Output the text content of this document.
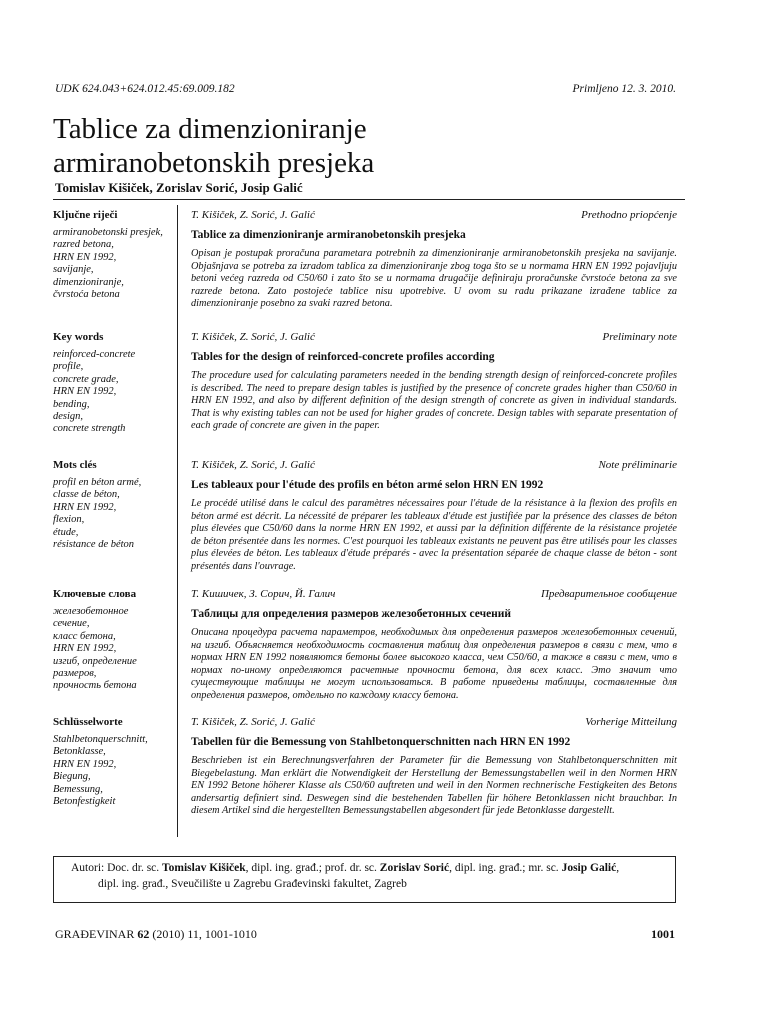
UDK 624.043+624.012.45:69.009.182	Primljeno 12. 3. 2010.
Tablice za dimenzioniranje
armiranobetonskih presjeka
Tomislav Kišiček, Zorislav Sorić, Josip Galić
Ključne riječi
armiranobetonski presjek,
razred betona,
HRN EN 1992,
savijanje,
dimenzioniranje,
čvrstoća betona
T. Kišiček, Z. Sorić, J. Galić	Prethodno priopćenje
Tablice za dimenzioniranje armiranobetonskih presjeka

Opisan je postupak proračuna parametara potrebnih za dimenzioniranje armiranobetonskih presjeka na savijanje. Objašnjava se potreba za izradom tablica za dimenzioniranje zbog toga što se u normama HRN EN 1992 pojavljuju betoni većeg razreda od C50/60 i zato što se u normama drugačije definiraju proračunske čvrstoće betona za sve razrede betona. Zato postojeće tablice nisu upotrebive. U ovom su radu prikazane izrađene tablice za dimenzioniranje posebno za svaki razred betona.

Key words
reinforced-concrete
profile,
concrete grade,
HRN EN 1992,
bending,
design,
concrete strength
T. Kišiček, Z. Sorić, J. Galić	Preliminary note
Tables for the design of reinforced-concrete profiles according

The procedure used for calculating parameters needed in the bending strength design of reinforced-concrete profiles is described. The need to prepare design tables is justified by the presence of concrete grades higher than C50/60 in HRN EN 1992, and also by different definition of the design strength of concrete as given in individual standards. That is why existing tables can not be used for higher grades of concrete. Design tables with separate presentation of each grade of concrete are given in the paper.

Mots clés
profil en béton armé,
classe de béton,
HRN EN 1992,
flexion,
étude,
résistance de béton
T. Kišiček, Z. Sorić, J. Galić	Note préliminarie
Les tableaux pour l'étude des profils en béton armé selon HRN EN 1992

Le procédé utilisé dans le calcul des paramètres nécessaires pour l'étude de la résistance à la flexion des profils en béton armé est décrit. La nécessité de préparer les tableaux d'étude est justifiée par la présence des classes de béton plus élevées que C50/60 dans la norme HRN EN 1992, et aussi par la définition différente de la résistance projetée de béton présentée dans les normes. C'est pourquoi les tableaux existants ne peuvent pas être utilisés pour les classes plus élevées de béton. Les tableaux d'étude préparés - avec la présentation séparée de chaque classe de béton - sont présentés dans l'ouvrage.

Ключевые слова
железобетонное
сечение,
класс бетона,
HRN EN 1992,
изгиб, определение
размеров,
прочность бетона
Т. Кишичек, З. Сорич, Й. Галич	Предварительное сообщение
Таблицы для определения размеров железобетонных сечений

Описана процедура расчета параметров, необходимых для определения размеров железобетонных сечений, на изгиб. Объясняется необходимость составления таблиц для определения размеров в связи с тем, что в нормах HRN EN 1992 появляются бетоны более высокого класса, чем C50/60, а также в связи с тем, что в нормах по-иному определяются расчетные прочности бетона, для всех класс. Это значит что существующие таблицы не могут использоваться. В работе приведены таблицы, составленные для определения размеров, отдельно по каждому классу бетона.

Schlüsselworte
Stahlbetonquerschnitt,
Betonklasse,
HRN EN 1992,
Biegung,
Bemessung,
Betonfestigkeit
T. Kišiček, Z. Sorić, J. Galić	Vorherige Mitteilung
Tabellen für die Bemessung von Stahlbetonquerschnitten nach HRN EN 1992

Beschrieben ist ein Berechnungsverfahren der Parameter für die Bemessung von Stahlbetonquerschnitten mit Biegebelastung. Man erklärt die Notwendigkeit der Herstellung der Bemessungstabellen weil in den Normen HRN EN 1992 Betone höherer Klasse als C50/60 auftreten und weil in den Normen rechnerische Festigkeiten des Betons andersartig definiert sind. Deswegen sind die bestehenden Tabellen für höhere Betonklassen nicht brauchbar. In diesem Artikel sind die hergestellten Bemessungstabellen abgesondert für jede Betonklasse dargestellt.

Autori: Doc. dr. sc. Tomislav Kišiček, dipl. ing. građ.; prof. dr. sc. Zorislav Sorić, dipl. ing. građ.; mr. sc. Josip Galić,
dipl. ing. građ., Sveučilište u Zagrebu Građevinski fakultet, Zagreb
GRAĐEVINAR 62 (2010) 11, 1001-1010	1001
